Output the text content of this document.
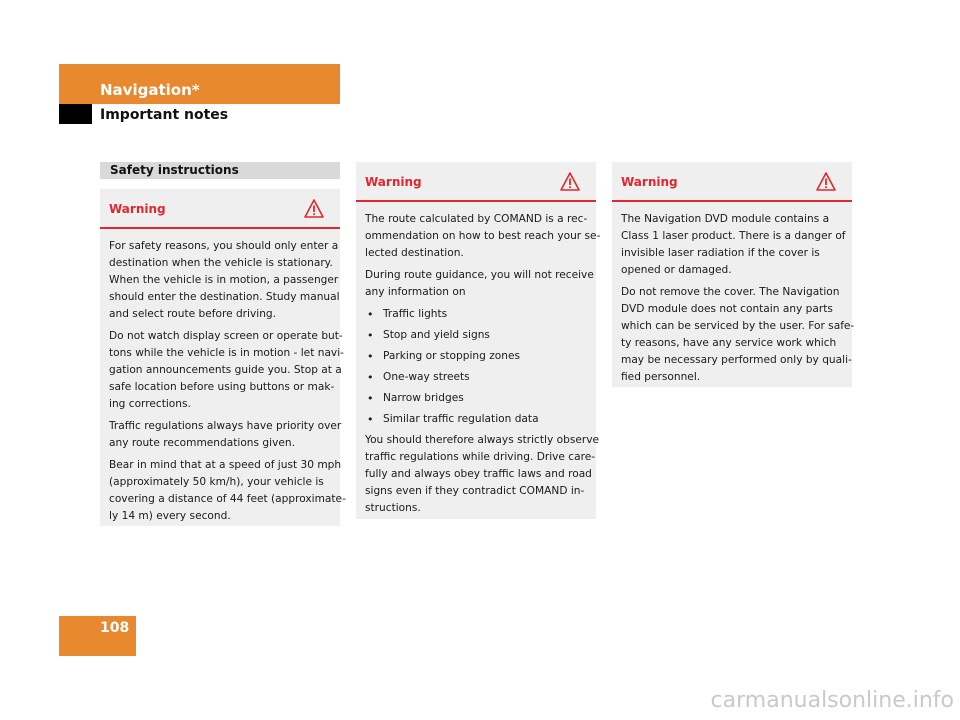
Navigation*
Important notes
Safety instructions
Warning

For safety reasons, you should only enter a
destination when the vehicle is stationary.
When the vehicle is in motion, a passenger
should enter the destination. Study manual
and select route before driving.

Do not watch display screen or operate but-
tons while the vehicle is in motion - let navi-
gation announcements guide you. Stop at a
safe location before using buttons or mak-
ing corrections.

Traffic regulations always have priority over
any route recommendations given.

Bear in mind that at a speed of just 30 mph
(approximately 50 km/h), your vehicle is
covering a distance of 44 feet (approximate-
ly 14 m) every second.

Warning

The route calculated by COMAND is a rec-
ommendation on how to best reach your se-
lected destination.

During route guidance, you will not receive
any information on

• Traffic lights
• Stop and yield signs
• Parking or stopping zones
• One-way streets
• Narrow bridges
• Similar traffic regulation data

You should therefore always strictly observe
traffic regulations while driving. Drive care-
fully and always obey traffic laws and road
signs even if they contradict COMAND in-
structions.

Warning

The Navigation DVD module contains a
Class 1 laser product. There is a danger of
invisible laser radiation if the cover is
opened or damaged.

Do not remove the cover. The Navigation
DVD module does not contain any parts
which can be serviced by the user. For safe-
ty reasons, have any service work which
may be necessary performed only by quali-
fied personnel.

108
carmanualsonline.info
